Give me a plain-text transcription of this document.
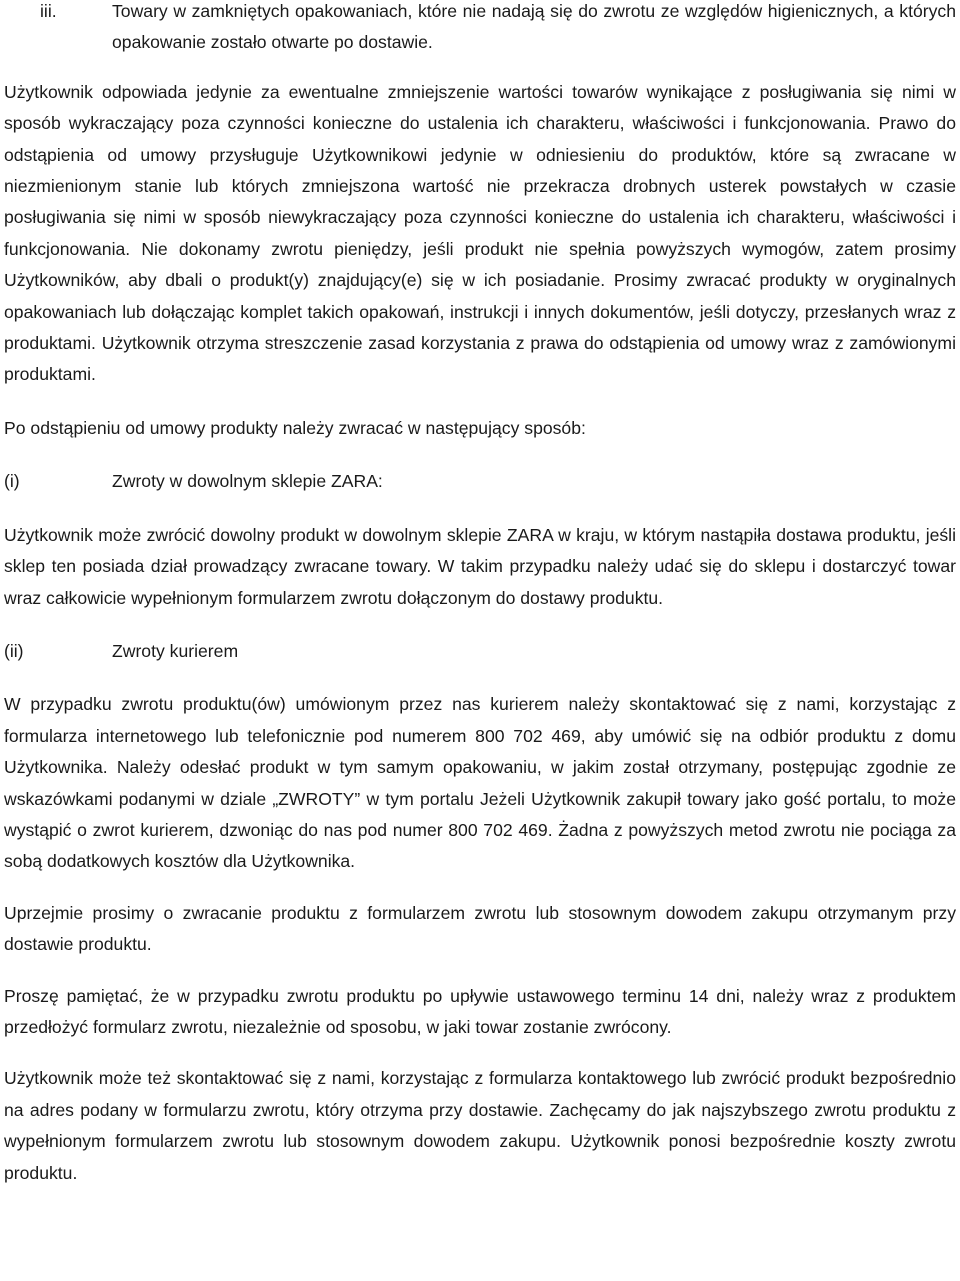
iii.	Towary w zamkniętych opakowaniach, które nie nadają się do zwrotu ze względów higienicznych, a których opakowanie zostało otwarte po dostawie.

Użytkownik odpowiada jedynie za ewentualne zmniejszenie wartości towarów wynikające z posługiwania się nimi w sposób wykraczający poza czynności konieczne do ustalenia ich charakteru, właściwości i funkcjonowania. Prawo do odstąpienia od umowy przysługuje Użytkownikowi jedynie w odniesieniu do produktów, które są zwracane w niezmienionym stanie lub których zmniejszona wartość nie przekracza drobnych usterek powstałych w czasie posługiwania się nimi w sposób niewykraczający poza czynności konieczne do ustalenia ich charakteru, właściwości i funkcjonowania. Nie dokonamy zwrotu pieniędzy, jeśli produkt nie spełnia powyższych wymogów, zatem prosimy Użytkowników, aby dbali o produkt(y) znajdujący(e) się w ich posiadanie. Prosimy zwracać produkty w oryginalnych opakowaniach lub dołączając komplet takich opakowań, instrukcji i innych dokumentów, jeśli dotyczy, przesłanych wraz z produktami. Użytkownik otrzyma streszczenie zasad korzystania z prawa do odstąpienia od umowy wraz z zamówionymi produktami.

Po odstąpieniu od umowy produkty należy zwracać w następujący sposób:

(i)	Zwroty w dowolnym sklepie ZARA:

Użytkownik może zwrócić dowolny produkt w dowolnym sklepie ZARA w kraju, w którym nastąpiła dostawa produktu, jeśli sklep ten posiada dział prowadzący zwracane towary. W takim przypadku należy udać się do sklepu i dostarczyć towar wraz całkowicie wypełnionym formularzem zwrotu dołączonym do dostawy produktu.

(ii)	Zwroty kurierem

W przypadku zwrotu produktu(ów) umówionym przez nas kurierem należy skontaktować się z nami, korzystając z formularza internetowego lub telefonicznie pod numerem 800 702 469, aby umówić się na odbiór produktu z domu Użytkownika. Należy odesłać produkt w tym samym opakowaniu, w jakim został otrzymany, postępując zgodnie ze wskazówkami podanymi w dziale „ZWROTY” w tym portalu Jeżeli Użytkownik zakupił towary jako gość portalu, to może wystąpić o zwrot kurierem, dzwoniąc do nas pod numer 800 702 469. Żadna z powyższych metod zwrotu nie pociąga za sobą dodatkowych kosztów dla Użytkownika.

Uprzejmie prosimy o zwracanie produktu z formularzem zwrotu lub stosownym dowodem zakupu otrzymanym przy dostawie produktu.

Proszę pamiętać, że w przypadku zwrotu produktu po upływie ustawowego terminu 14 dni, należy wraz z produktem przedłożyć formularz zwrotu, niezależnie od sposobu, w jaki towar zostanie zwrócony.

Użytkownik może też skontaktować się z nami, korzystając z formularza kontaktowego lub zwrócić produkt bezpośrednio na adres podany w formularzu zwrotu, który otrzyma przy dostawie. Zachęcamy do jak najszybszego zwrotu produktu z wypełnionym formularzem zwrotu lub stosownym dowodem zakupu. Użytkownik ponosi bezpośrednie koszty zwrotu produktu.
